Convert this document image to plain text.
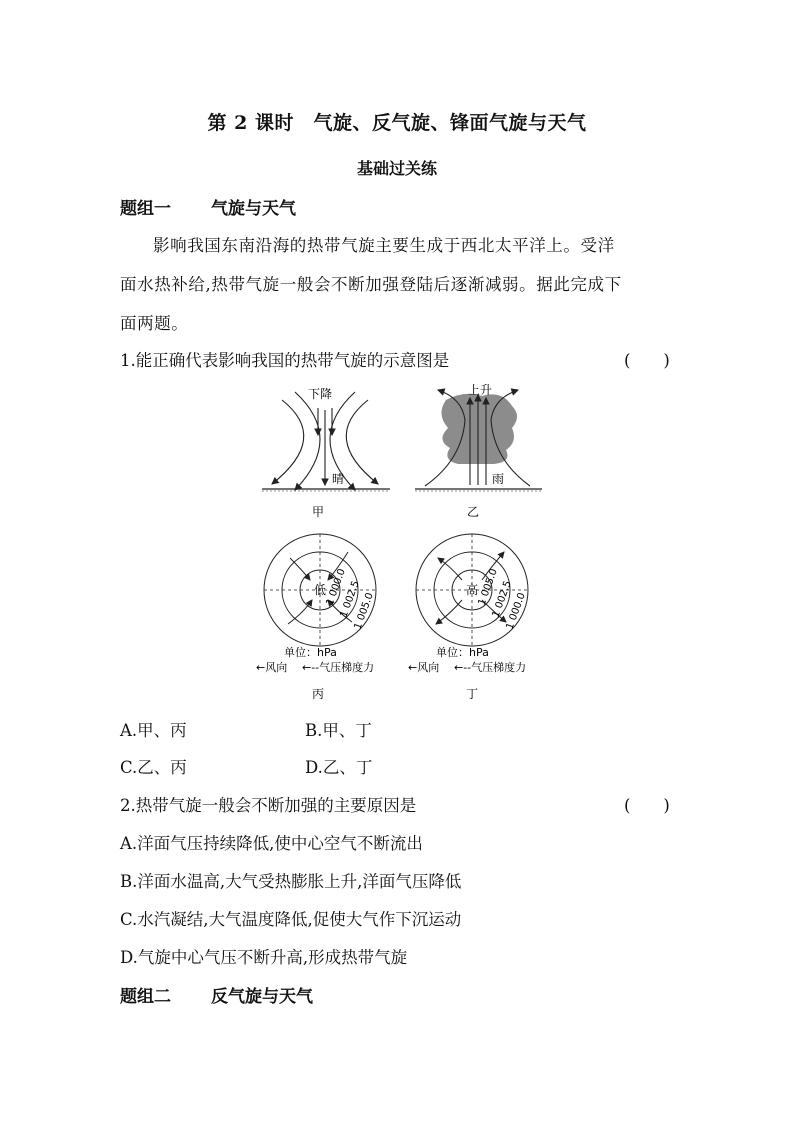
第 2 课时　气旋、反气旋、锋面气旋与天气
基础过关练
题组一 气旋与天气
影响我国东南沿海的热带气旋主要生成于西北太平洋上。受洋
面水热补给,热带气旋一般会不断加强登陆后逐渐减弱。据此完成下
面两题。
1.能正确代表影响我国的热带气旋的示意图是	(　　)
下降
晴
甲
上升
雨
乙
低
1 000.0
1 002.5
1 005.0
单位：hPa
←风向 ←--气压梯度力
丙
高
1 005.0
1 002.5
1 000.0
单位：hPa
←风向 ←--气压梯度力
丁
A.甲、丙	B.甲、丁
C.乙、丙	D.乙、丁
2.热带气旋一般会不断加强的主要原因是	(　　)
A.洋面气压持续降低,使中心空气不断流出
B.洋面水温高,大气受热膨胀上升,洋面气压降低
C.水汽凝结,大气温度降低,促使大气作下沉运动
D.气旋中心气压不断升高,形成热带气旋
题组二 反气旋与天气
